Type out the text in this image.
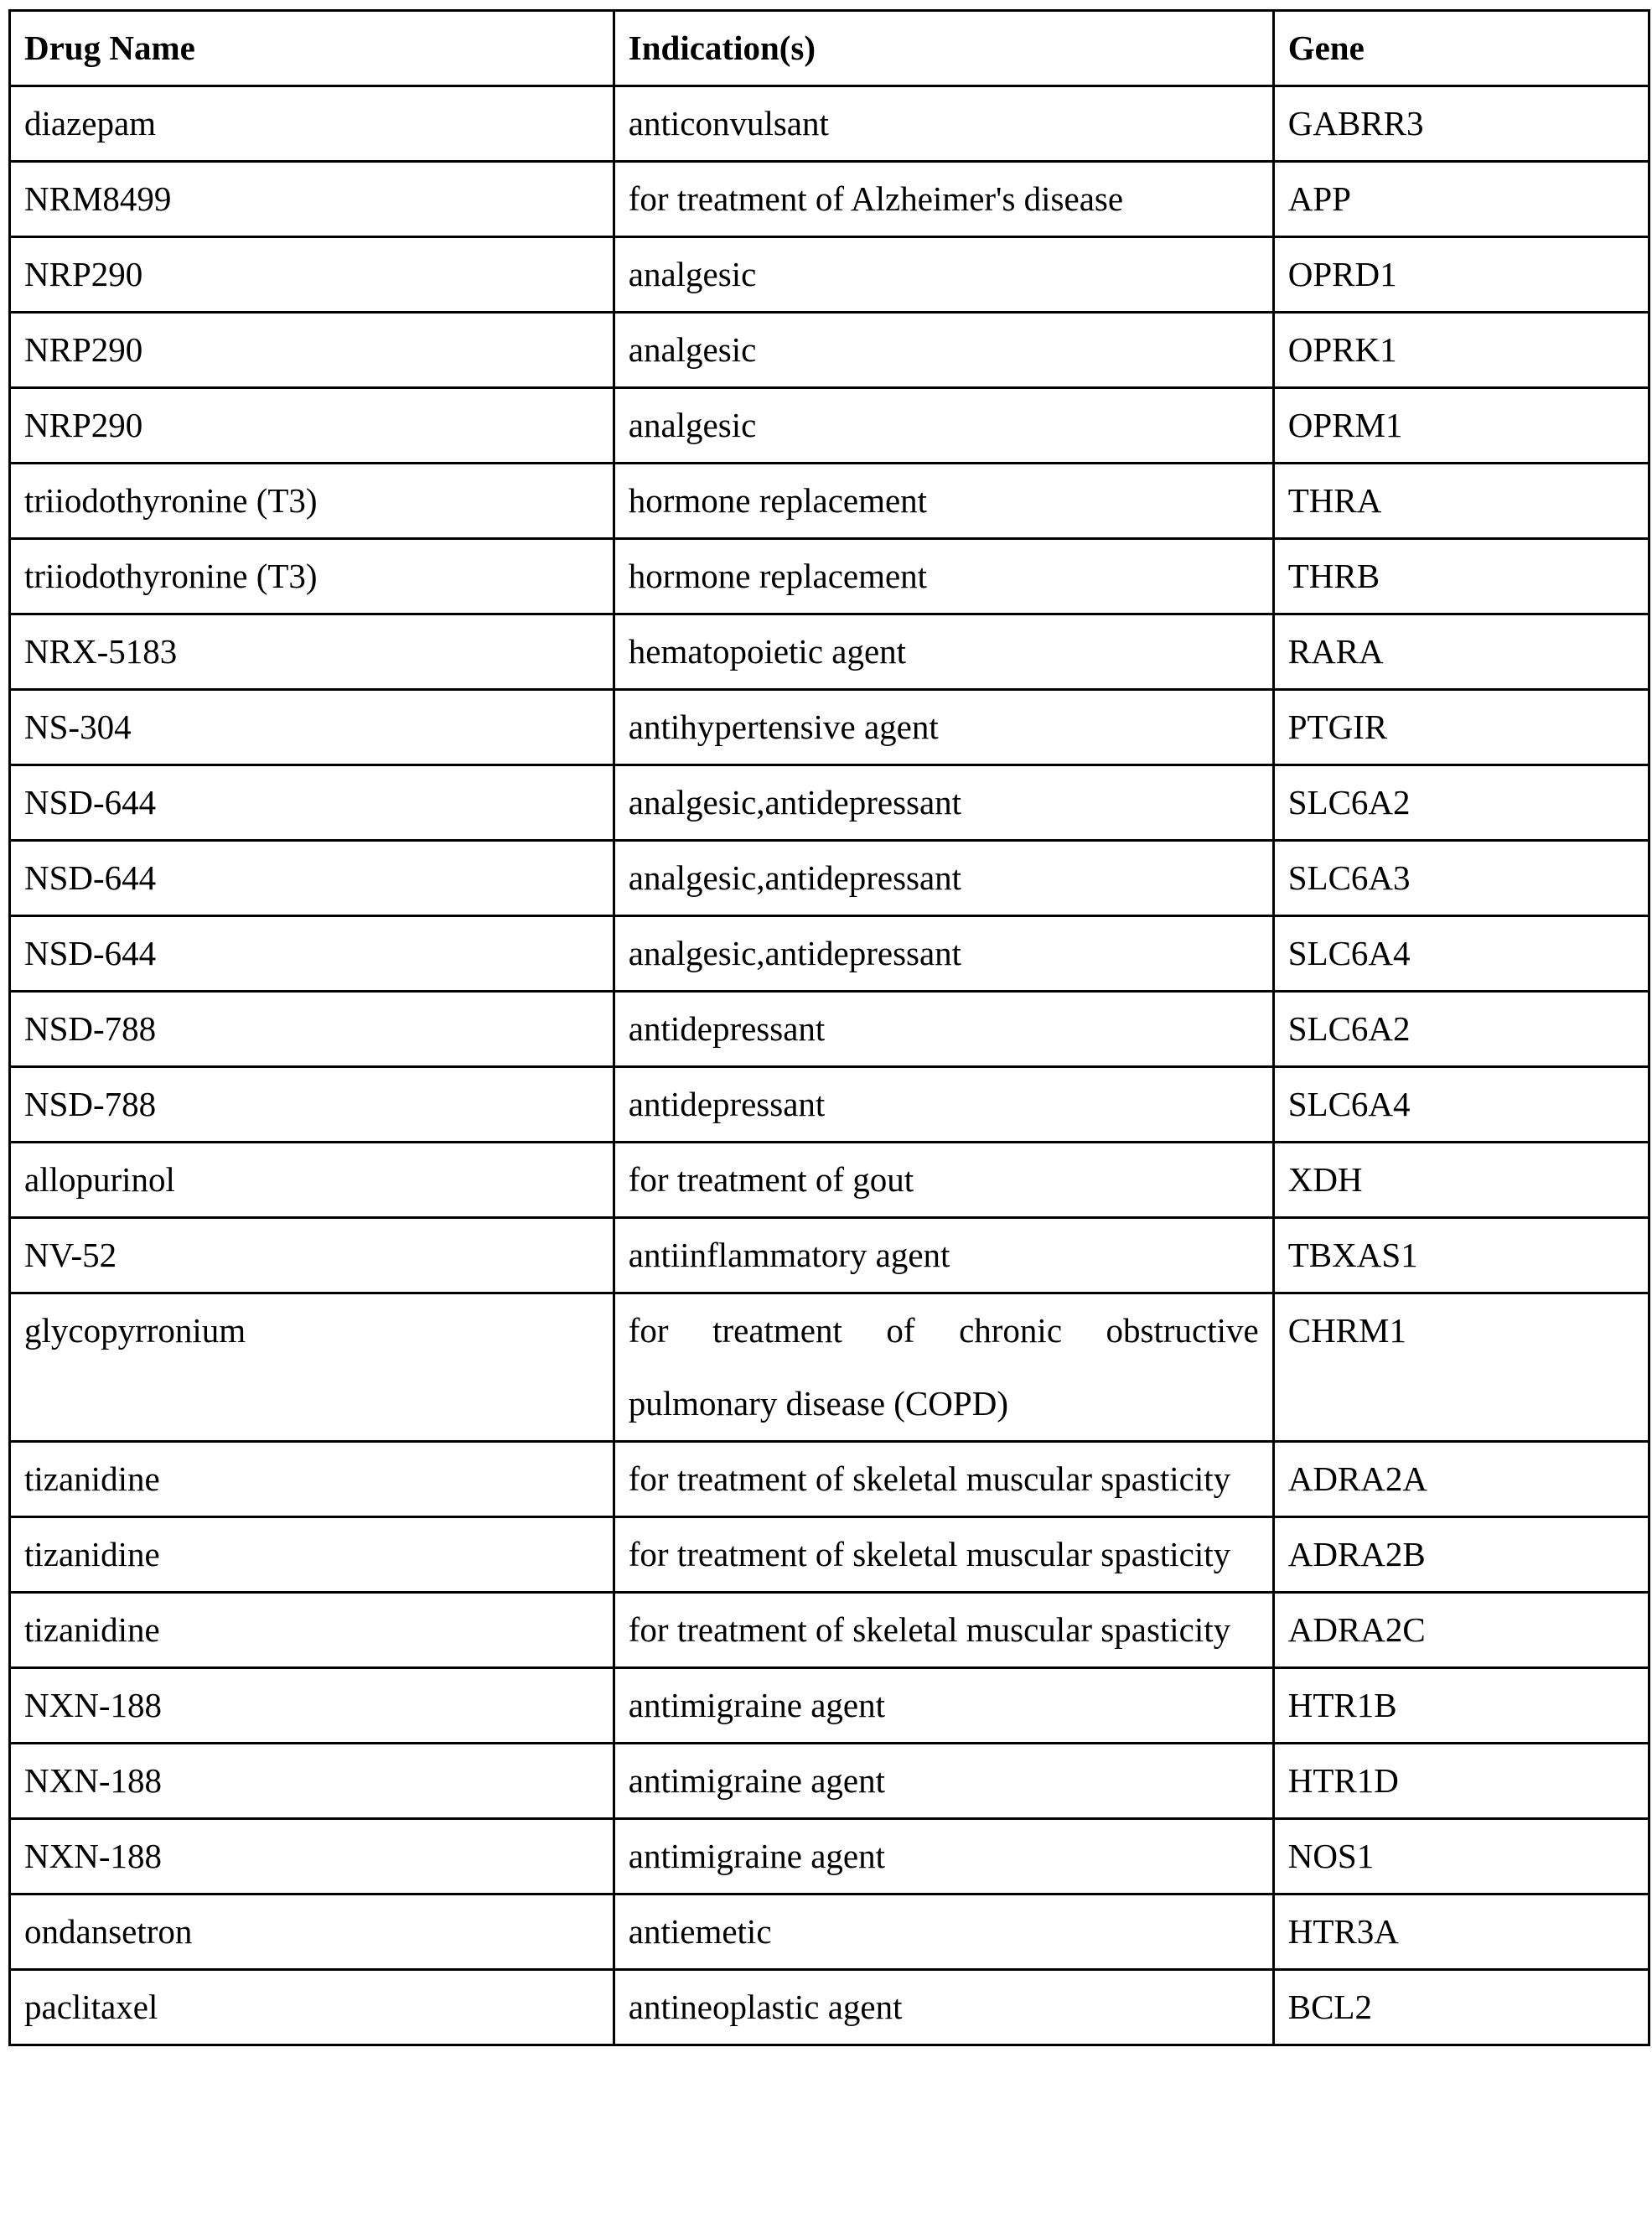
Drug Name	Indication(s)	Gene
diazepam	anticonvulsant	GABRR3
NRM8499	for treatment of Alzheimer's disease	APP
NRP290	analgesic	OPRD1
NRP290	analgesic	OPRK1
NRP290	analgesic	OPRM1
triiodothyronine (T3)	hormone replacement	THRA
triiodothyronine (T3)	hormone replacement	THRB
NRX-5183	hematopoietic agent	RARA
NS-304	antihypertensive agent	PTGIR
NSD-644	analgesic,antidepressant	SLC6A2
NSD-644	analgesic,antidepressant	SLC6A3
NSD-644	analgesic,antidepressant	SLC6A4
NSD-788	antidepressant	SLC6A2
NSD-788	antidepressant	SLC6A4
allopurinol	for treatment of gout	XDH
NV-52	antiinflammatory agent	TBXAS1
glycopyrronium	for treatment of chronic obstructive pulmonary disease (COPD)	CHRM1
tizanidine	for treatment of skeletal muscular spasticity	ADRA2A
tizanidine	for treatment of skeletal muscular spasticity	ADRA2B
tizanidine	for treatment of skeletal muscular spasticity	ADRA2C
NXN-188	antimigraine agent	HTR1B
NXN-188	antimigraine agent	HTR1D
NXN-188	antimigraine agent	NOS1
ondansetron	antiemetic	HTR3A
paclitaxel	antineoplastic agent	BCL2
